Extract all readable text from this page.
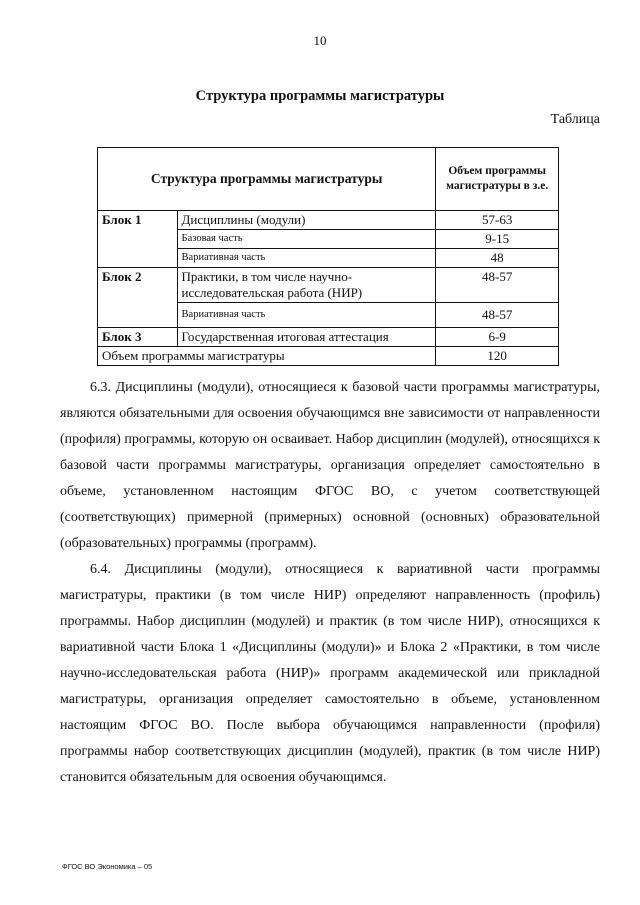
10
Структура программы магистратуры
Таблица
Структура программы магистратуры		Объем программы магистратуры в з.е.
Блок 1	Дисциплины (модули)	57-63
	Базовая часть	9-15
	Вариативная часть	48
Блок 2	Практики, в том числе научно-исследовательская работа (НИР)	48-57
	Вариативная часть	48-57
Блок 3	Государственная итоговая аттестация	6-9
Объем программы магистратуры		120

6.3. Дисциплины (модули), относящиеся к базовой части программы магистратуры, являются обязательными для освоения обучающимся вне зависимости от направленности (профиля) программы, которую он осваивает. Набор дисциплин (модулей), относящихся к базовой части программы магистратуры, организация определяет самостоятельно в объеме, установленном настоящим ФГОС ВО, с учетом соответствующей (соответствующих) примерной (примерных) основной (основных) образовательной (образовательных) программы (программ).

6.4. Дисциплины (модули), относящиеся к вариативной части программы магистратуры, практики (в том числе НИР) определяют направленность (профиль) программы. Набор дисциплин (модулей) и практик (в том числе НИР), относящихся к вариативной части Блока 1 «Дисциплины (модули)» и Блока 2 «Практики, в том числе научно-исследовательская работа (НИР)» программ академической или прикладной магистратуры, организация определяет самостоятельно в объеме, установленном настоящим ФГОС ВО. После выбора обучающимся направленности (профиля) программы набор соответствующих дисциплин (модулей), практик (в том числе НИР) становится обязательным для освоения обучающимся.

ФГОС ВО Экономика – 05
